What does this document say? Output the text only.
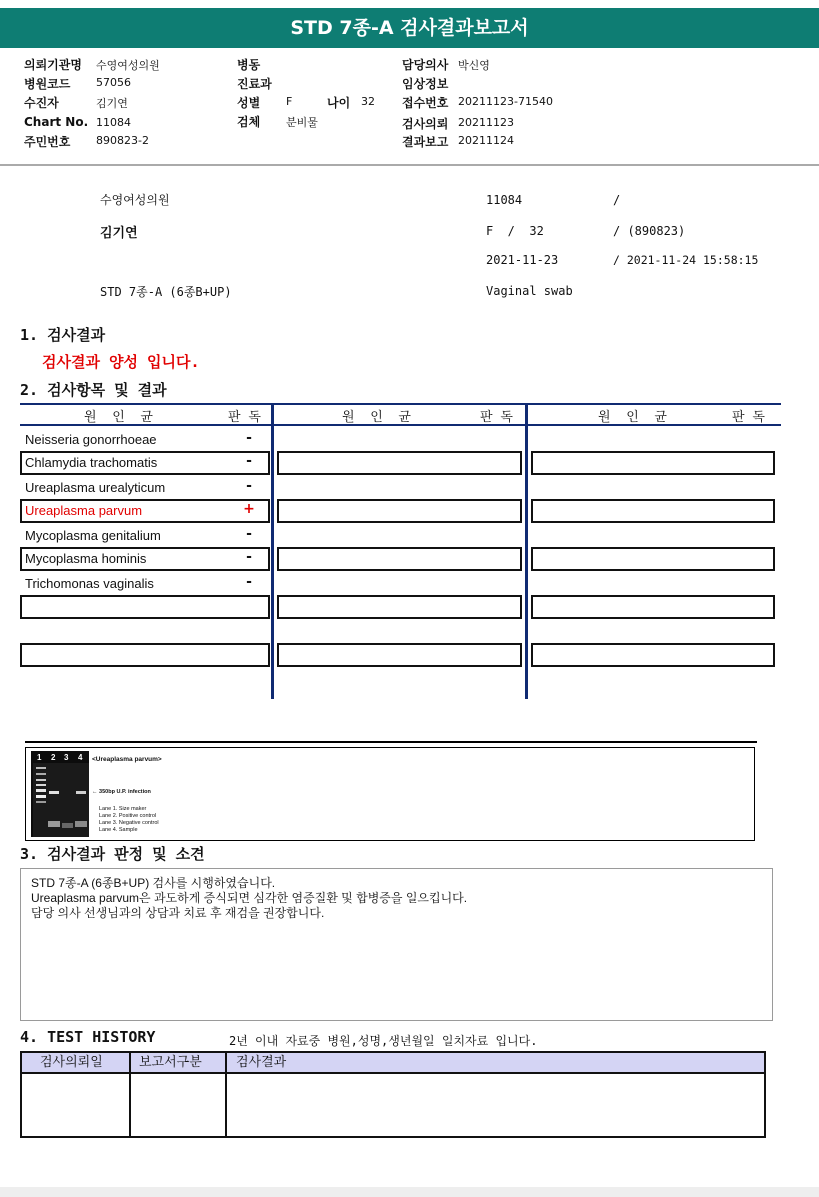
STD 7종-A 검사결과보고서
의뢰기관명 수영여성의원
병원코드 57056
수진자	김기연
Chart No. 11084
주민번호 890823-2
병동
진료과
성별 F	나이 32
검체 분비물
담당의사 박신영
임상정보
접수번호 20211123-71540
검사의뢰 20211123
결과보고 20211124
수영여성의원
김기연
STD 7종-A (6종B+UP)
11084	/
F  /  32	/ (890823)
2021-11-23	/ 2021-11-24 15:58:15
Vaginal swab
1. 검사결과
검사결과 양성 입니다.
2. 검사항목 및 결과
원  인  균	판 독	원  인  균	판 독	원  인  균	판 독
Neisseria gonorrhoeae	-
Chlamydia trachomatis	-
Ureaplasma urealyticum	-
Ureaplasma parvum	+
Mycoplasma genitalium	-
Mycoplasma hominis	-
Trichomonas vaginalis	-
1 2 3 4 <Ureaplasma parvum>
← 350bp U.P. infection
Lane 1. Size maker
Lane 2. Positive control
Lane 3. Negative control
Lane 4. Sample
3. 검사결과 판정 및 소견
STD 7종-A (6종B+UP) 검사를 시행하였습니다.
Ureaplasma parvum은 과도하게 증식되면 심각한 염증질환 및 합병증을 일으킵니다.
담당 의사 선생님과의 상담과 치료 후 재검을 권장합니다.
4. TEST HISTORY	2년 이내 자료중 병원,성명,생년월일 일치자료 입니다.
검사의뢰일	보고서구분	검사결과
